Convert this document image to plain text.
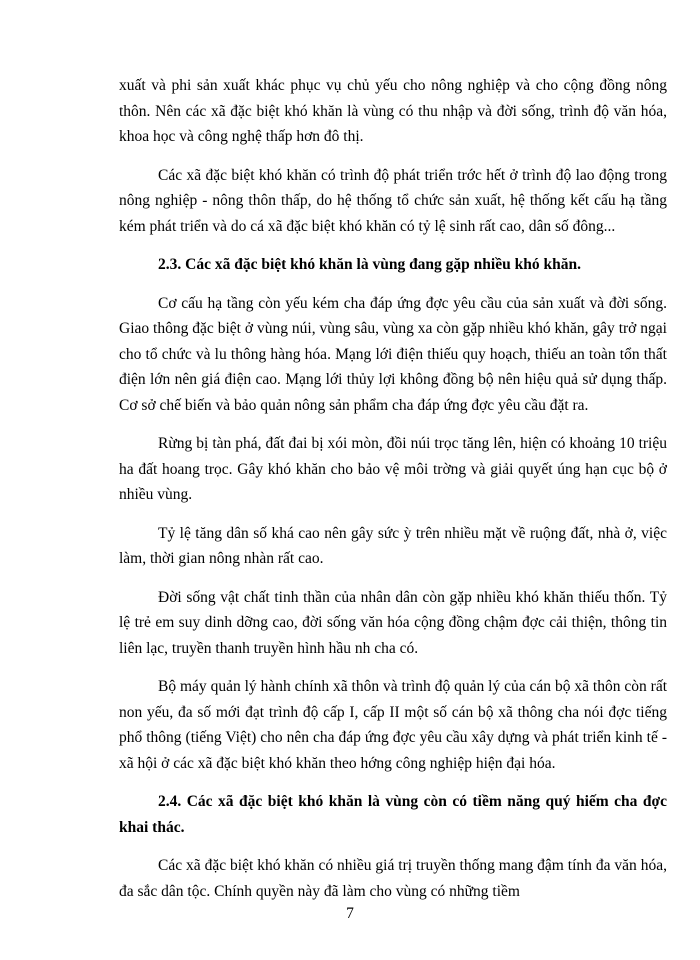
xuất và phi sản xuất khác phục vụ chủ yếu cho nông nghiệp và cho cộng đồng nông thôn. Nên các xã đặc biệt khó khăn là vùng có thu nhập và đời sống, trình độ văn hóa, khoa học và công nghệ thấp hơn đô thị.

Các xã đặc biệt khó khăn có trình độ phát triển trớc hết ở trình độ lao động trong nông nghiệp - nông thôn thấp, do hệ thống tổ chức sản xuất, hệ thống kết cấu hạ tầng kém phát triển và do cá xã đặc biệt khó khăn có tỷ lệ sinh rất cao, dân số đông...

2.3. Các xã đặc biệt khó khăn là vùng đang gặp nhiều khó khăn.

Cơ cấu hạ tầng còn yếu kém cha đáp ứng đợc yêu cầu của sản xuất và đời sống. Giao thông đặc biệt ở vùng núi, vùng sâu, vùng xa còn gặp nhiều khó khăn, gây trở ngại cho tổ chức và lu thông hàng hóa. Mạng lới điện thiếu quy hoạch, thiếu an toàn tổn thất điện lớn nên giá điện cao. Mạng lới thủy lợi không đồng bộ nên hiệu quả sử dụng thấp. Cơ sở chế biến và bảo quản nông sản phẩm cha đáp ứng đợc yêu cầu đặt ra.

Rừng bị tàn phá, đất đai bị xói mòn, đồi núi trọc tăng lên, hiện có khoảng 10 triệu ha đất hoang trọc. Gây khó khăn cho bảo vệ môi trờng và giải quyết úng hạn cục bộ ở nhiều vùng.

Tỷ lệ tăng dân số khá cao nên gây sức ỳ trên nhiều mặt về ruộng đất, nhà ở, việc làm, thời gian nông nhàn rất cao.

Đời sống vật chất tinh thần của nhân dân còn gặp nhiều khó khăn thiếu thốn. Tỷ lệ trẻ em suy dinh dỡng cao, đời sống văn hóa cộng đồng chậm đợc cải thiện, thông tin liên lạc, truyền thanh truyền hình hầu nh cha có.

Bộ máy quản lý hành chính xã thôn và trình độ quản lý của cán bộ xã thôn còn rất non yếu, đa số mới đạt trình độ cấp I, cấp II một số cán bộ xã thông cha nói đợc tiếng phổ thông (tiếng Việt) cho nên cha đáp ứng đợc yêu cầu xây dựng và phát triển kinh tế - xã hội ở các xã đặc biệt khó khăn theo hớng công nghiệp hiện đại hóa.

2.4. Các xã đặc biệt khó khăn là vùng còn có tiềm năng quý hiếm cha đợc khai thác.

Các xã đặc biệt khó khăn có nhiều giá trị truyền thống mang đậm tính đa văn hóa, đa sắc dân tộc. Chính quyền này đã làm cho vùng có những tiềm

7
